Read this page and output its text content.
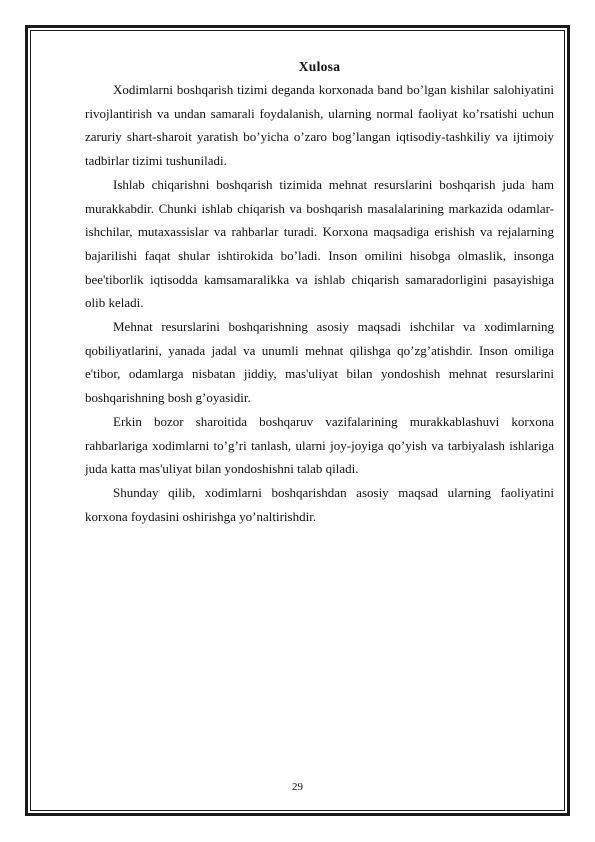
Xulosa

Xodimlarni boshqarish tizimi deganda korxonada band bo’lgan kishilar salohiyatini rivojlantirish va undan samarali foydalanish, ularning normal faoliyat ko’rsatishi uchun zaruriy shart-sharoit yaratish bo’yicha o’zaro bog’langan iqtisodiy-tashkiliy va ijtimoiy tadbirlar tizimi tushuniladi.

Ishlab chiqarishni boshqarish tizimida mehnat resurslarini boshqarish juda ham murakkabdir. Chunki ishlab chiqarish va boshqarish masalalarining markazida odamlar-ishchilar, mutaxassislar va rahbarlar turadi. Korxona maqsadiga erishish va rejalarning bajarilishi faqat shular ishtirokida bo’ladi. Inson omilini hisobga olmaslik, insonga bee'tiborlik iqtisodda kamsamaralikka va ishlab chiqarish samaradorligini pasayishiga olib keladi.

Mehnat resurslarini boshqarishning asosiy maqsadi ishchilar va xodimlarning qobiliyatlarini, yanada jadal va unumli mehnat qilishga qo’zg’atishdir. Inson omiliga e'tibor, odamlarga nisbatan jiddiy, mas'uliyat bilan yondoshish mehnat resurslarini boshqarishning bosh g’oyasidir.

Erkin bozor sharoitida boshqaruv vazifalarining murakkablashuvi korxona rahbarlariga xodimlarni to’g’ri tanlash, ularni joy-joyiga qo’yish va tarbiyalash ishlariga juda katta mas'uliyat bilan yondoshishni talab qiladi.

Shunday qilib, xodimlarni boshqarishdan asosiy maqsad ularning faoliyatini korxona foydasini oshirishga yo’naltirishdir.

29
